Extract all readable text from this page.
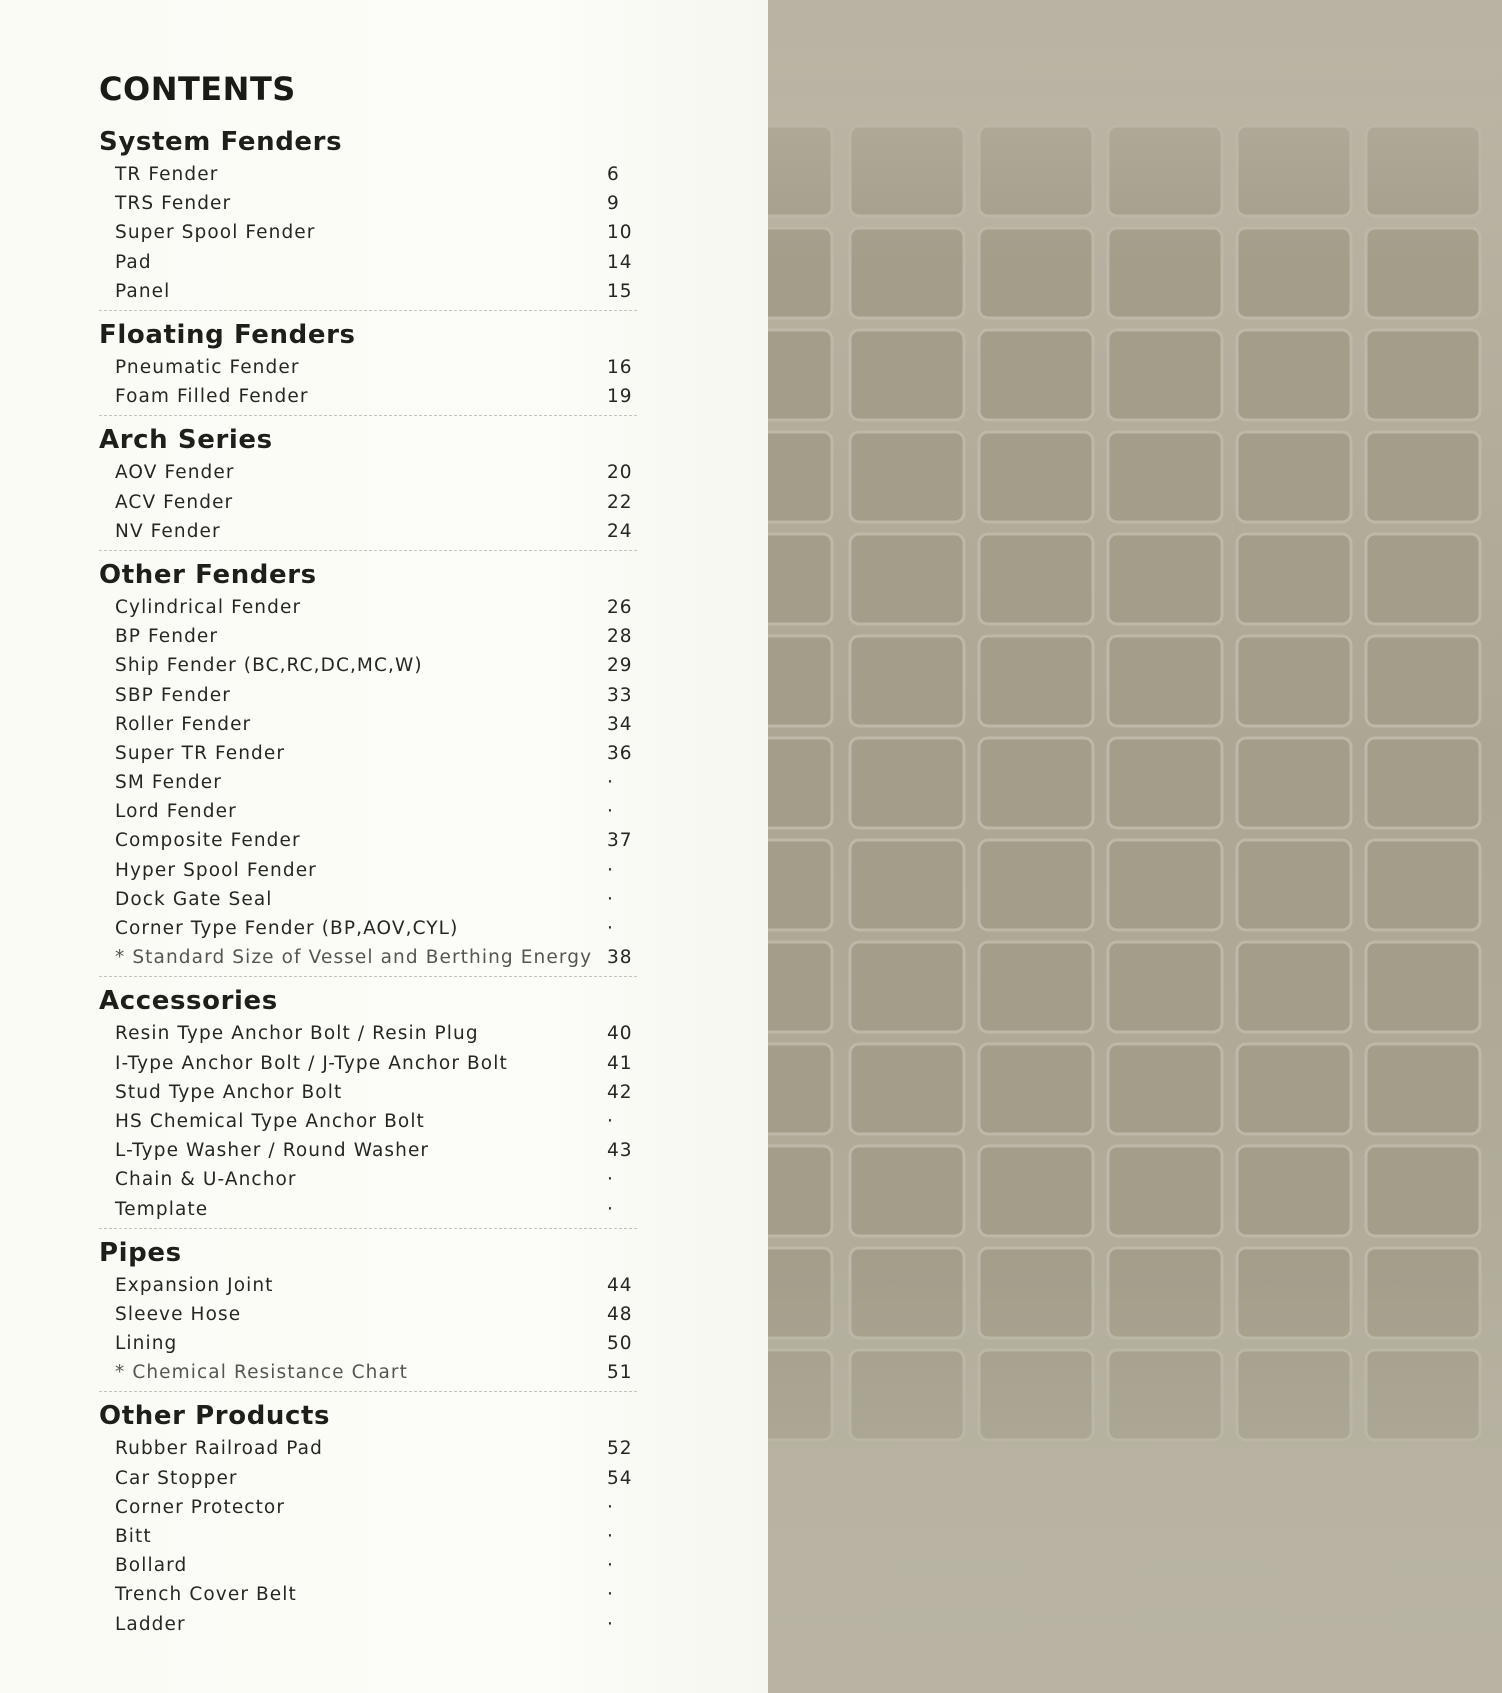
CONTENTS
System Fenders
TR Fender	6
TRS Fender	9
Super Spool Fender	10
Pad	14
Panel	15
Floating Fenders
Pneumatic Fender	16
Foam Filled Fender	19
Arch Series
AOV Fender	20
ACV Fender	22
NV Fender	24
Other Fenders
Cylindrical Fender	26
BP Fender	28
Ship Fender (BC,RC,DC,MC,W)	29
SBP Fender	33
Roller Fender	34
Super TR Fender	36
SM Fender	·
Lord Fender	·
Composite Fender	37
Hyper Spool Fender	·
Dock Gate Seal	·
Corner Type Fender (BP,AOV,CYL)	·
* Standard Size of Vessel and Berthing Energy 38
Accessories
Resin Type Anchor Bolt / Resin Plug	40
I-Type Anchor Bolt / J-Type Anchor Bolt	41
Stud Type Anchor Bolt	42
HS Chemical Type Anchor Bolt	·
L-Type Washer / Round Washer	43
Chain & U-Anchor	·
Template	·
Pipes
Expansion Joint	44
Sleeve Hose	48
Lining	50
* Chemical Resistance Chart	51
Other Products
Rubber Railroad Pad	52
Car Stopper	54
Corner Protector	·
Bitt	·
Bollard	·
Trench Cover Belt	·
Ladder	·
